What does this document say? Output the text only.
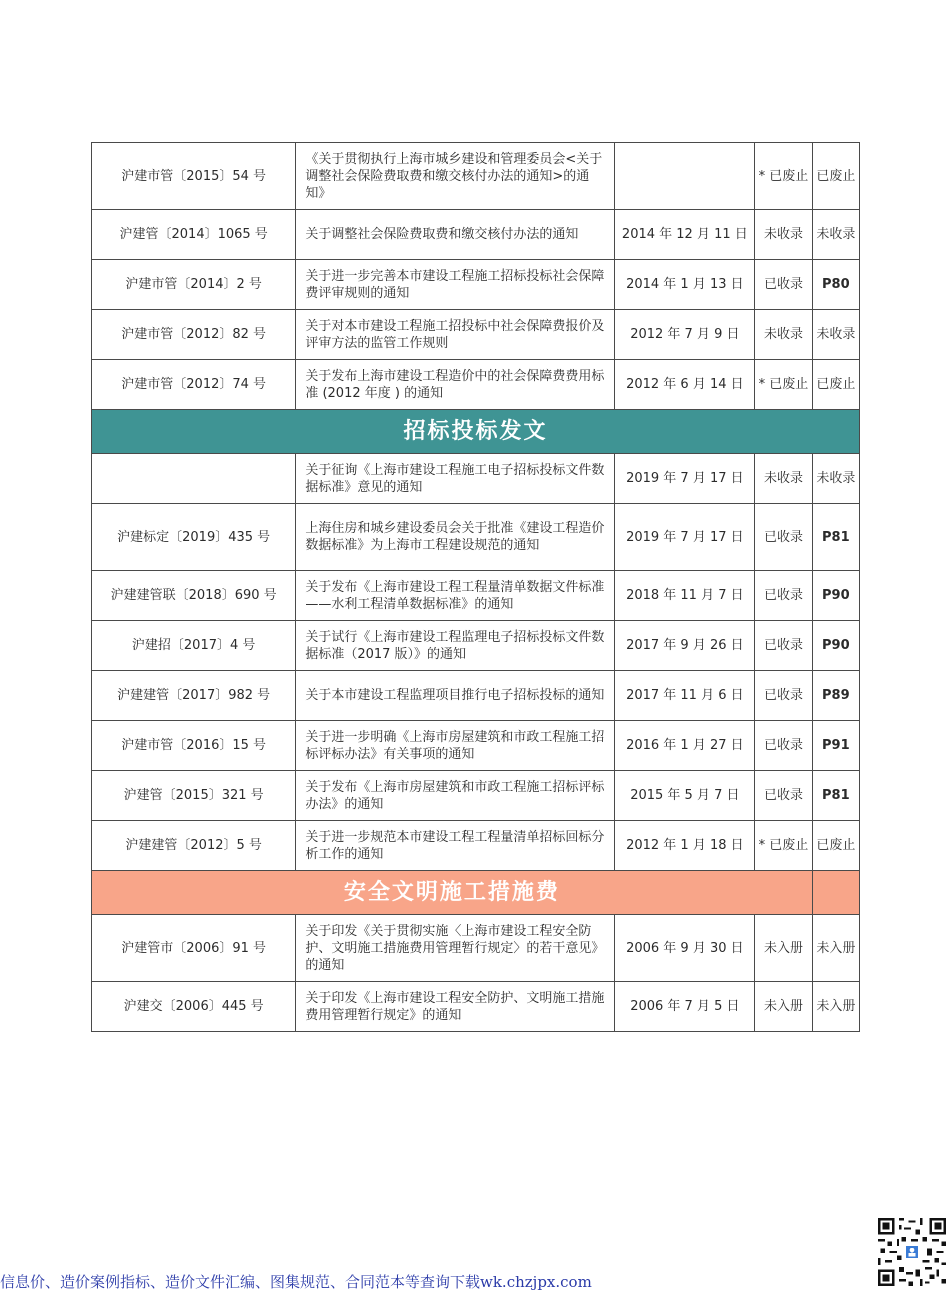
沪建市管〔2015〕54 号	《关于贯彻执行上海市城乡建设和管理委员会<关于调整社会保险费取费和缴交核付办法的通知>的通知》		* 已废止	已废止
沪建管〔2014〕1065 号	关于调整社会保险费取费和缴交核付办法的通知	2014 年 12 月 11 日	未收录	未收录
沪建市管〔2014〕2 号	关于进一步完善本市建设工程施工招标投标社会保障费评审规则的通知	2014 年 1 月 13 日	已收录	P80
沪建市管〔2012〕82 号	关于对本市建设工程施工招投标中社会保障费报价及评审方法的监管工作规则	2012 年 7 月 9 日	未收录	未收录
沪建市管〔2012〕74 号	关于发布上海市建设工程造价中的社会保障费费用标准 (2012 年度 ) 的通知	2012 年 6 月 14 日	* 已废止	已废止
招标投标发文				
	关于征询《上海市建设工程施工电子招标投标文件数据标准》意见的通知	2019 年 7 月 17 日	未收录	未收录
沪建标定〔2019〕435 号	上海住房和城乡建设委员会关于批准《建设工程造价数据标准》为上海市工程建设规范的通知	2019 年 7 月 17 日	已收录	P81
沪建建管联〔2018〕690 号	关于发布《上海市建设工程工程量清单数据文件标准——水利工程清单数据标准》的通知	2018 年 11 月 7 日	已收录	P90
沪建招〔2017〕4 号	关于试行《上海市建设工程监理电子招标投标文件数据标准（2017 版）》的通知	2017 年 9 月 26 日	已收录	P90
沪建建管〔2017〕982 号	关于本市建设工程监理项目推行电子招标投标的通知	2017 年 11 月 6 日	已收录	P89
沪建市管〔2016〕15 号	关于进一步明确《上海市房屋建筑和市政工程施工招标评标办法》有关事项的通知	2016 年 1 月 27 日	已收录	P91
沪建管〔2015〕321 号	关于发布《上海市房屋建筑和市政工程施工招标评标办法》的通知	2015 年 5 月 7 日	已收录	P81
沪建建管〔2012〕5 号	关于进一步规范本市建设工程工程量清单招标回标分析工作的通知	2012 年 1 月 18 日	* 已废止	已废止
安全文明施工措施费				
沪建管市〔2006〕91 号	关于印发《关于贯彻实施〈上海市建设工程安全防护、文明施工措施费用管理暂行规定〉的若干意见》的通知	2006 年 9 月 30 日	未入册	未入册
沪建交〔2006〕445 号	关于印发《上海市建设工程安全防护、文明施工措施费用管理暂行规定》的通知	2006 年 7 月 5 日	未入册	未入册
信息价、造价案例指标、造价文件汇编、图集规范、合同范本等查询下载wk.chzjpx.com
